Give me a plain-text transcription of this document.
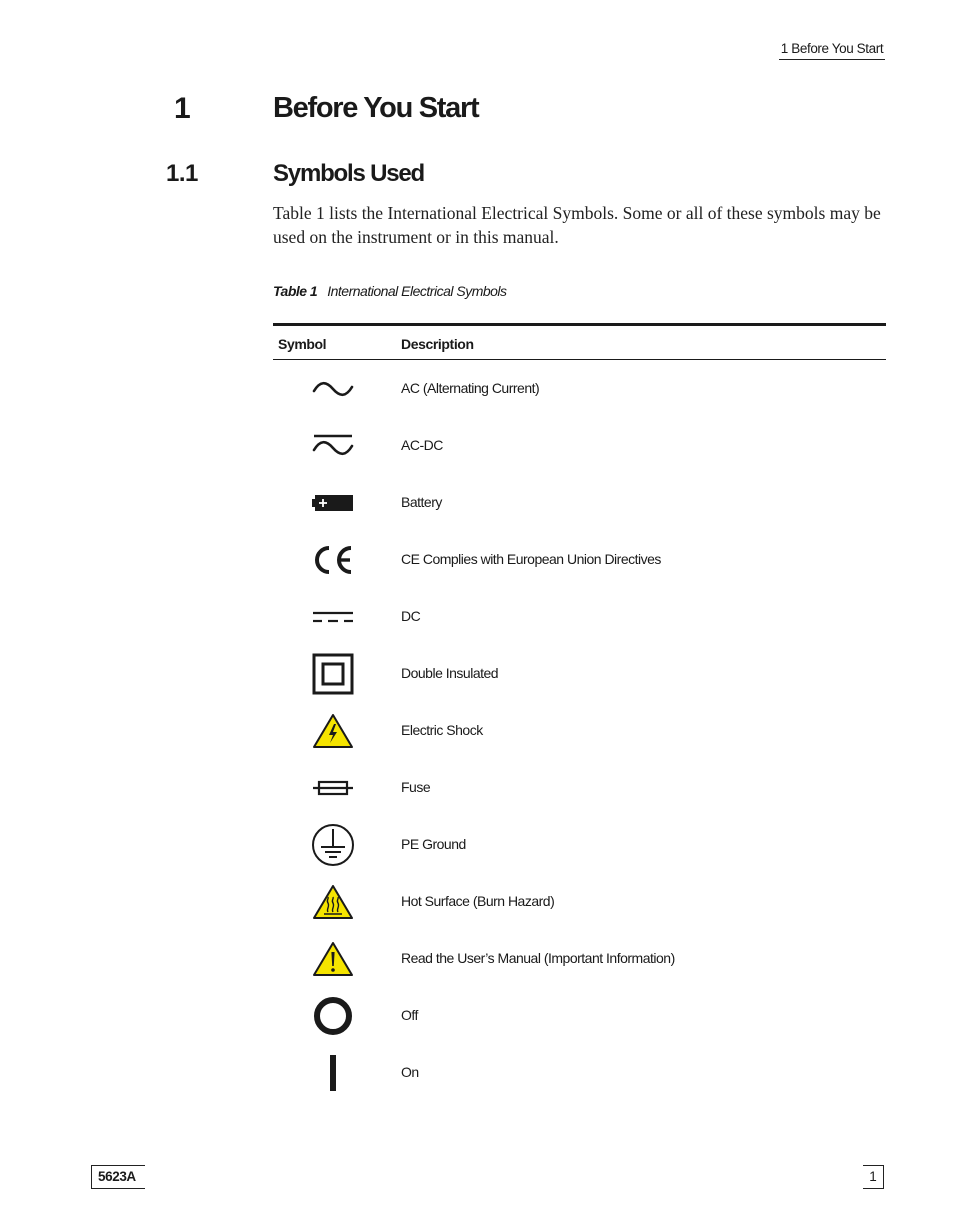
1 Before You Start
1	Before You Start
1.1	Symbols Used
Table 1 lists the International Electrical Symbols. Some or all of these symbols may be used on the instrument or in this manual.
Table 1 International Electrical Symbols
Symbol	Description
AC (Alternating Current)
AC-DC
Battery
CE Complies with European Union Directives
DC
Double Insulated
Electric Shock
Fuse
PE Ground
Hot Surface (Burn Hazard)
Read the User’s Manual (Important Information)
Off
On
5623A	1
